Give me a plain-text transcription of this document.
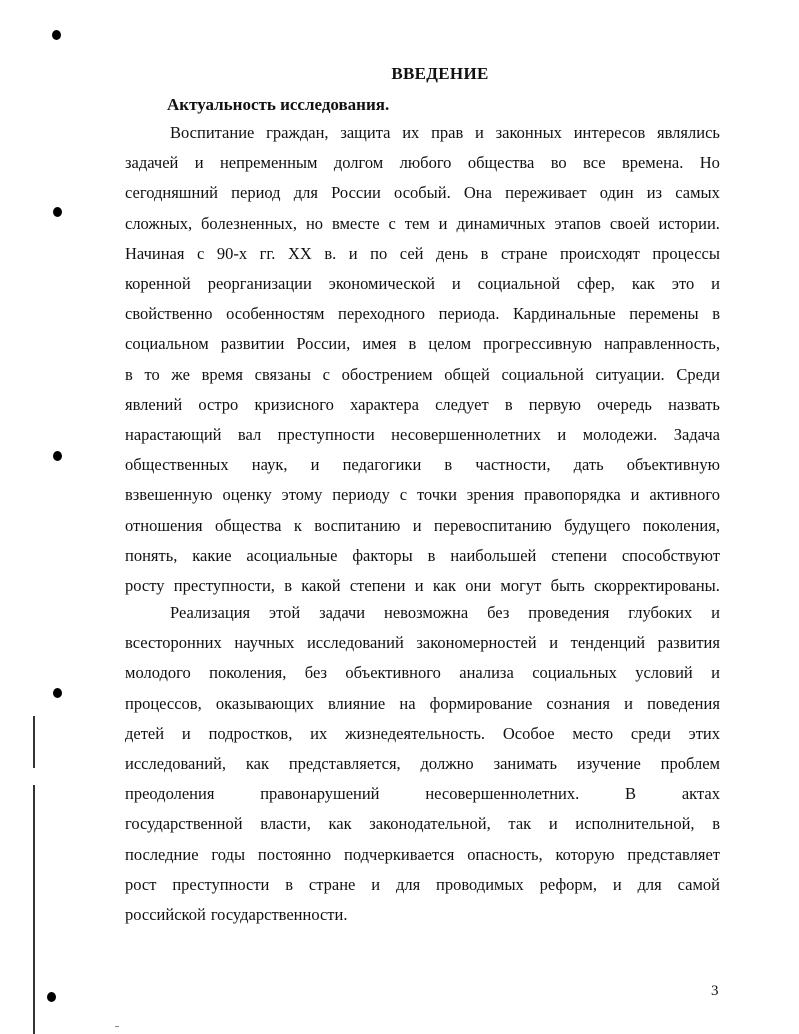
ВВЕДЕНИЕ
Актуальность исследования.
Воспитание граждан, защита их прав и законных интересов являлись
задачей и непременным долгом любого общества во все времена. Но
сегодняшний период для России особый. Она переживает один из самых
сложных, болезненных, но вместе с тем и динамичных этапов своей истории.
Начиная с 90-х гг. XX в. и по сей день в стране происходят процессы
коренной реорганизации экономической и социальной сфер, как это и
свойственно особенностям переходного периода. Кардинальные перемены в
социальном развитии России, имея в целом прогрессивную направленность,
в то же время связаны с обострением общей социальной ситуации. Среди
явлений остро кризисного характера следует в первую очередь назвать
нарастающий вал преступности несовершеннолетних и молодежи. Задача
общественных наук, и педагогики в частности, дать объективную
взвешенную оценку этому периоду с точки зрения правопорядка и активного
отношения общества к воспитанию и перевоспитанию будущего поколения,
понять, какие асоциальные факторы в наибольшей степени способствуют
росту преступности, в какой степени и как они могут быть скорректированы.
Реализация этой задачи невозможна без проведения глубоких и
всесторонних научных исследований закономерностей и тенденций развития
молодого поколения, без объективного анализа социальных условий и
процессов, оказывающих влияние на формирование сознания и поведения
детей и подростков, их жизнедеятельность. Особое место среди этих
исследований, как представляется, должно занимать изучение проблем
преодоления	правонарушений	несовершеннолетних.	В	актах
государственной власти, как законодательной, так и исполнительной, в
последние годы постоянно подчеркивается опасность, которую представляет
рост преступности в стране и для проводимых реформ, и для самой
российской государственности.
3
